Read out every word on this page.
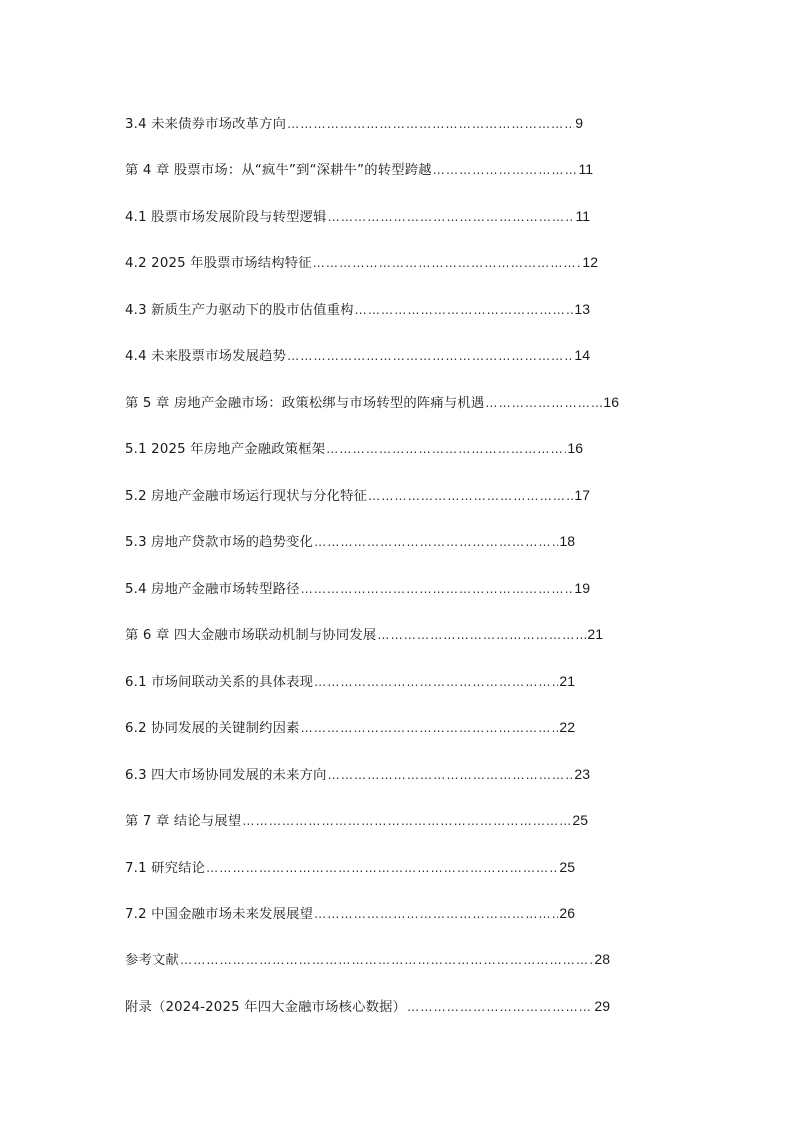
3.4 未来债券市场改革方向 …………………………………………………………………………………………………………………………………………………………	9
第 4 章 股票市场：从“疯牛”到“深耕牛”的转型跨越 …………………………………………………………………………………………………………………………………………………………	11
4.1 股票市场发展阶段与转型逻辑 …………………………………………………………………………………………………………………………………………………………	11
4.2 2025 年股票市场结构特征 …………………………………………………………………………………………………………………………………………………………	12
4.3 新质生产力驱动下的股市估值重构 …………………………………………………………………………………………………………………………………………………………	13
4.4 未来股票市场发展趋势 …………………………………………………………………………………………………………………………………………………………	14
第 5 章 房地产金融市场：政策松绑与市场转型的阵痛与机遇 …………………………………………………………………………………………………………………………………………………………	16
5.1 2025 年房地产金融政策框架 …………………………………………………………………………………………………………………………………………………………	16
5.2 房地产金融市场运行现状与分化特征 …………………………………………………………………………………………………………………………………………………………	17
5.3 房地产贷款市场的趋势变化 …………………………………………………………………………………………………………………………………………………………	18
5.4 房地产金融市场转型路径 …………………………………………………………………………………………………………………………………………………………	19
第 6 章 四大金融市场联动机制与协同发展 …………………………………………………………………………………………………………………………………………………………	21
6.1 市场间联动关系的具体表现 …………………………………………………………………………………………………………………………………………………………	21
6.2 协同发展的关键制约因素 …………………………………………………………………………………………………………………………………………………………	22
6.3 四大市场协同发展的未来方向 …………………………………………………………………………………………………………………………………………………………	23
第 7 章 结论与展望 …………………………………………………………………………………………………………………………………………………………	25
7.1 研究结论 …………………………………………………………………………………………………………………………………………………………	25
7.2 中国金融市场未来发展展望 …………………………………………………………………………………………………………………………………………………………	26
参考文献 …………………………………………………………………………………………………………………………………………………………	28
附录（2024-2025 年四大金融市场核心数据） …………………………………………………………………………………………………………………………………………………………	29
